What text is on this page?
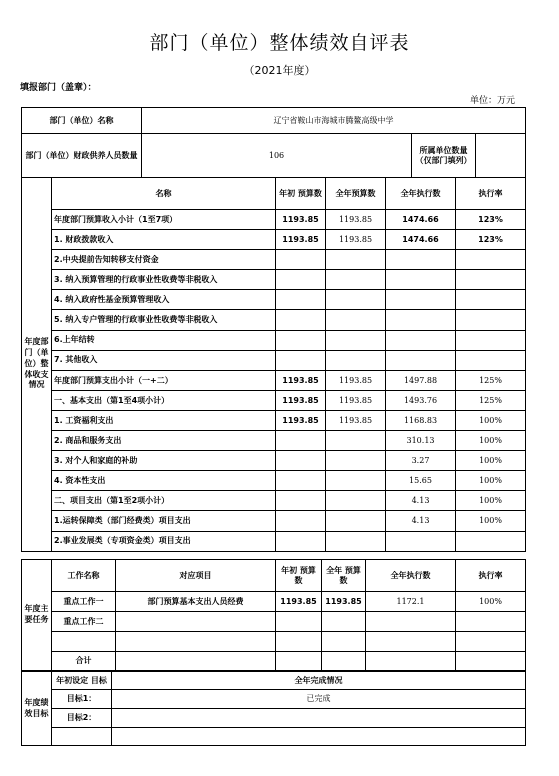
部门（单位）整体绩效自评表
（2021年度）
填报部门（盖章）：
单位：万元
部门（单位）名称	辽宁省鞍山市海城市腾鳌高级中学		
部门（单位）财政供养人员数量	106	所属单位数量（仅部门填列）	
年度部门（单位）整体收支情况	名称	年初 预算数	全年预算数	全年执行数	执行率
	年度部门预算收入小计（1至7项）	1193.85	1193.85	1474.66	123%
	1. 财政拨款收入	1193.85	1193.85	1474.66	123%
	2.中央提前告知转移支付资金				
	3. 纳入预算管理的行政事业性收费等非税收入				
	4. 纳入政府性基金预算管理收入				
	5. 纳入专户管理的行政事业性收费等非税收入				
	6.上年结转				
	7. 其他收入				
	年度部门预算支出小计（一+二）	1193.85	1193.85	1497.88	125%
	一、基本支出（第1至4项小计）	1193.85	1193.85	1493.76	125%
	1. 工资福利支出	1193.85	1193.85	1168.83	100%
	2. 商品和服务支出			310.13	100%
	3. 对个人和家庭的补助			3.27	100%
	4. 资本性支出			15.65	100%
	二、项目支出（第1至2项小计）			4.13	100%
	1.运转保障类（部门经费类）项目支出			4.13	100%
	2.事业发展类（专项资金类）项目支出				
年度主要任务	工作名称	对应项目	年初 预算数	全年 预算数	全年执行数	执行率
	重点工作一	部门预算基本支出人员经费	1193.85	1193.85	1172.1	100%
	重点工作二					

	合计					
年度绩效目标	年初设定 目标	全年完成情况
	目标1：	已完成
	目标2：	
